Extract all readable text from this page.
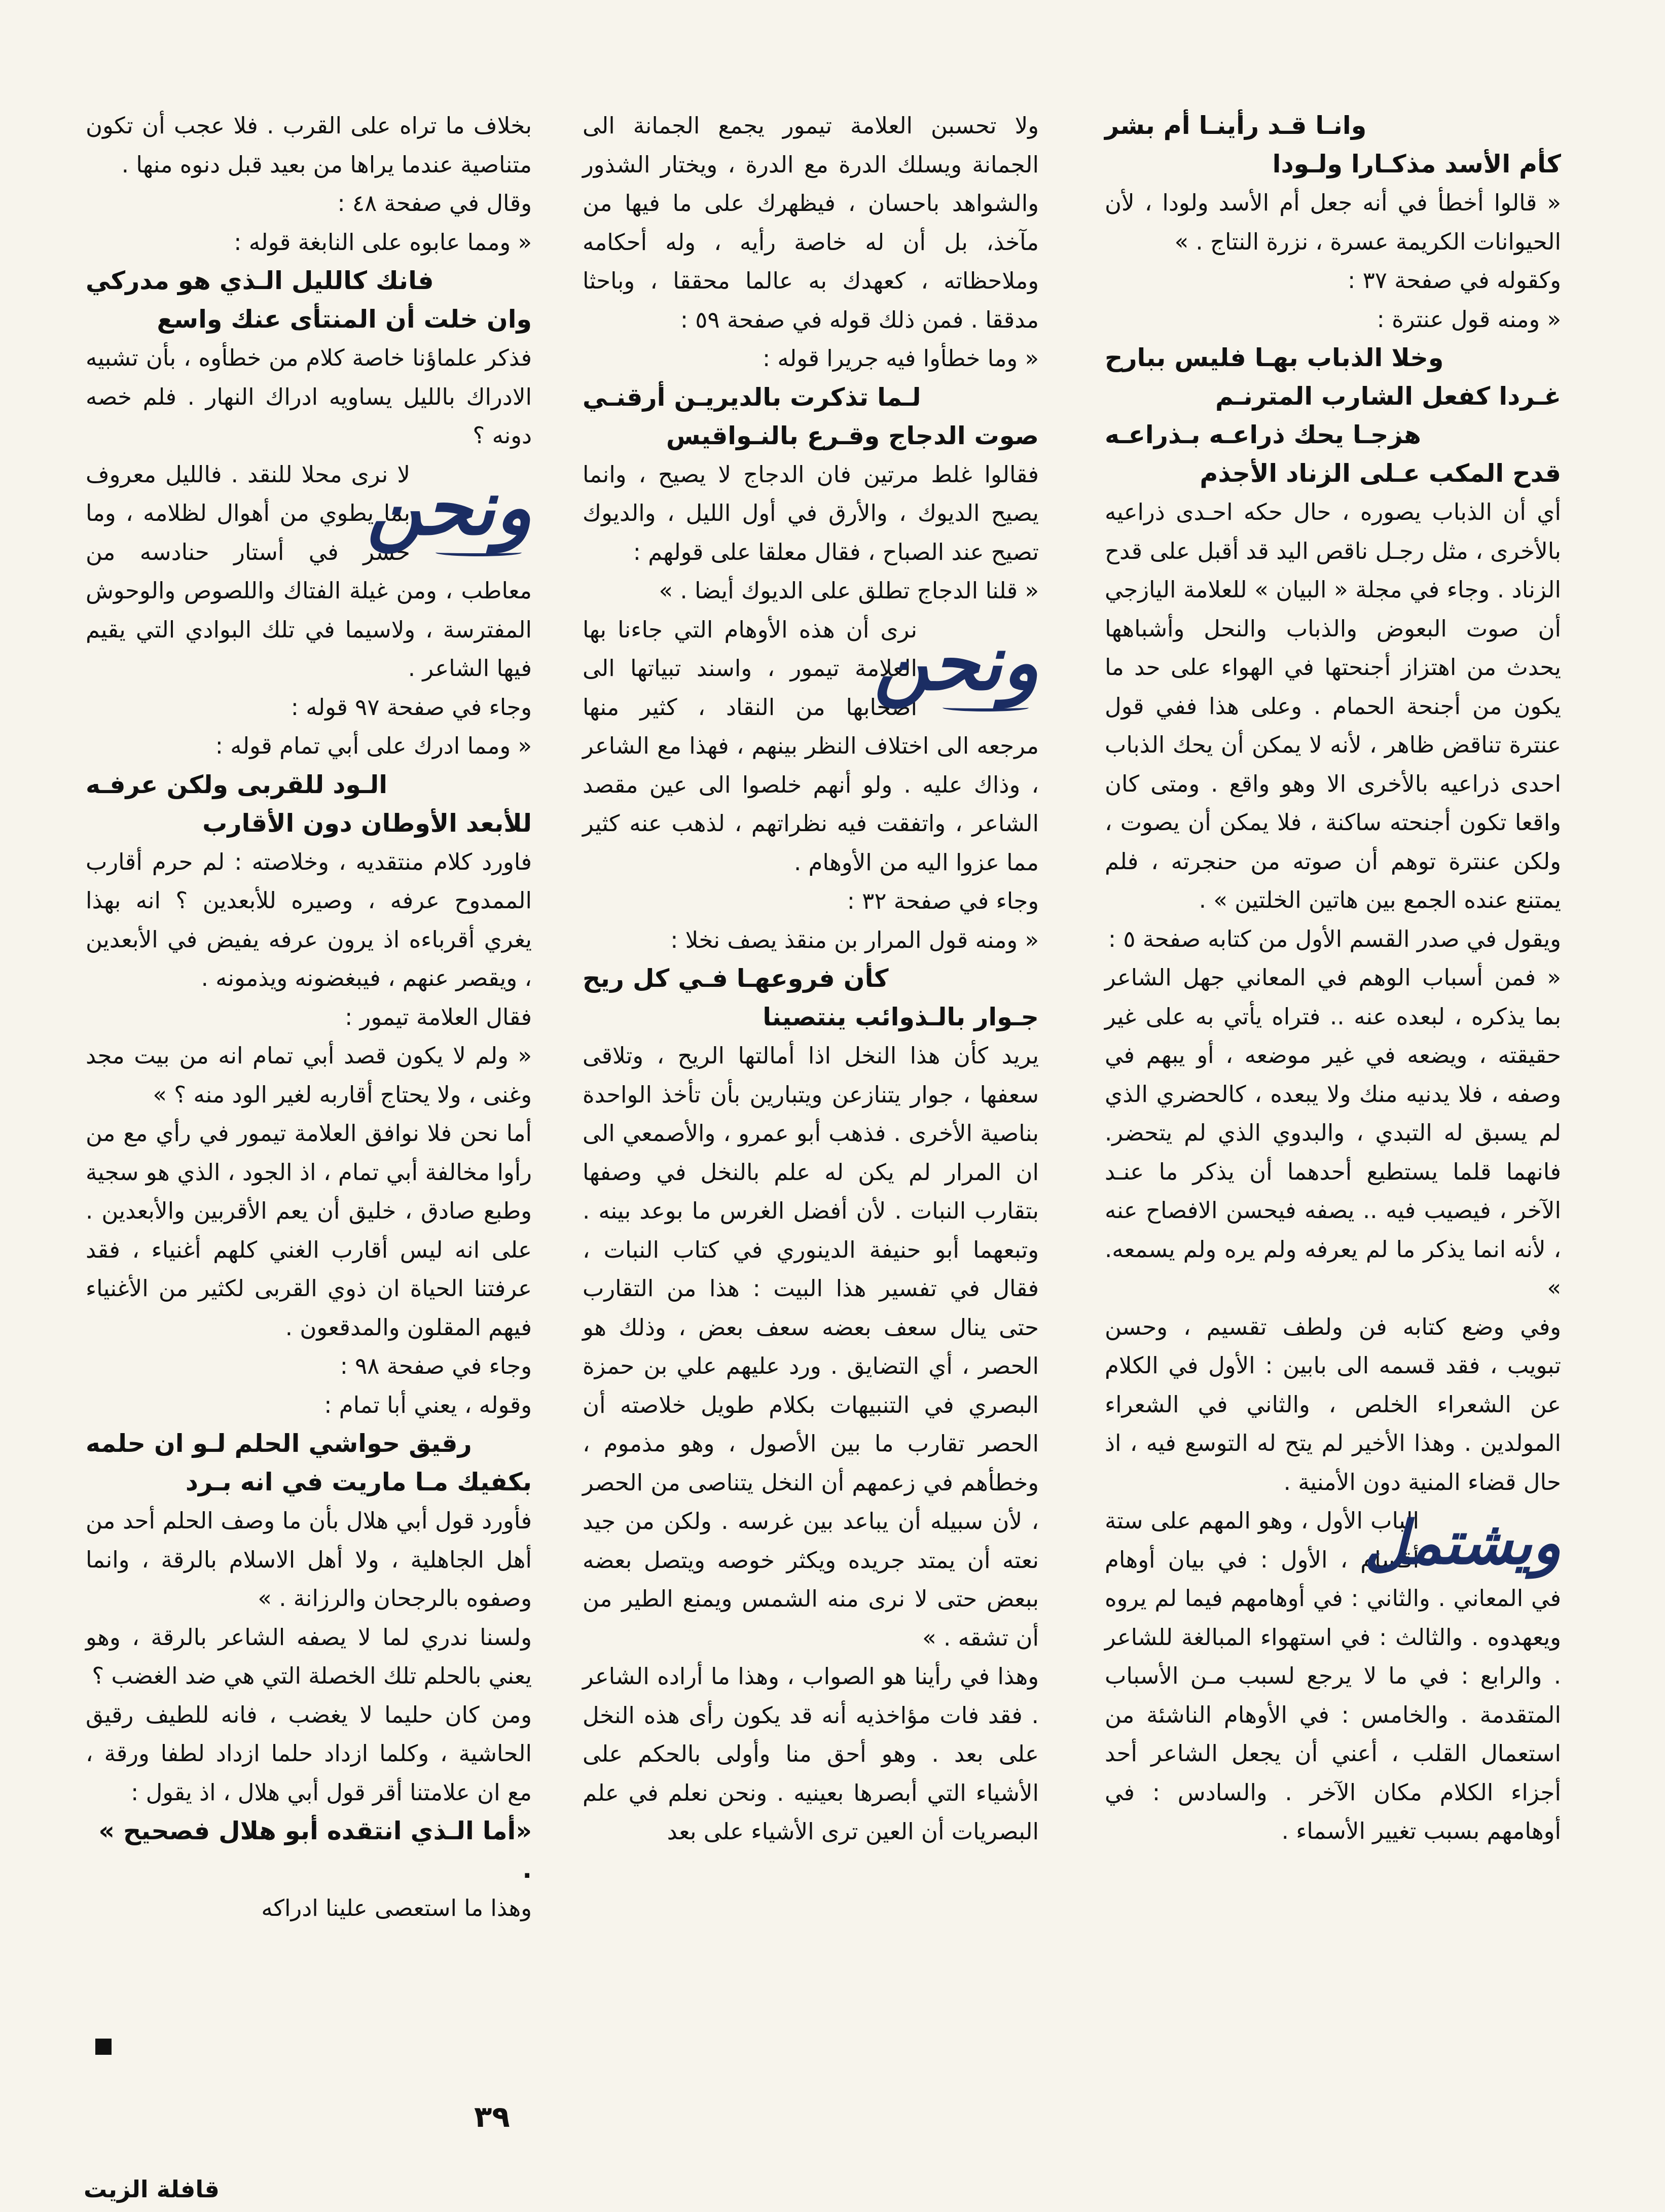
وانـا قـد رأينـا أم بشر

كأم الأسد مذكـارا ولـودا

« قالوا أخطأ في أنه جعل أم الأسد ولودا ، لأن الحيوانات الكريمة عسرة ، نزرة النتاج . »

وكقوله في صفحة ٣٧ :

« ومنه قول عنترة :

وخلا الذباب بهـا فليس ببارح

غـردا كفعل الشارب المترنـم

هزجـا يحك ذراعـه بـذراعـه

قدح المكب عـلى الزناد الأجذم

أي أن الذباب يصوره ، حال حكه احـدى ذراعيه بالأخرى ، مثل رجـل ناقص اليد قد أقبل على قدح الزناد . وجاء في مجلة « البيان » للعلامة اليازجي أن صوت البعوض والذباب والنحل وأشباهها يحدث من اهتزاز أجنحتها في الهواء على حد ما يكون من أجنحة الحمام . وعلى هذا ففي قول عنترة تناقض ظاهر ، لأنه لا يمكن أن يحك الذباب احدى ذراعيه بالأخرى الا وهو واقع . ومتى كان واقعا تكون أجنحته ساكنة ، فلا يمكن أن يصوت ، ولكن عنترة توهم أن صوته من حنجرته ، فلم يمتنع عنده الجمع بين هاتين الخلتين » .

ويقول في صدر القسم الأول من كتابه صفحة ٥ :

« فمن أسباب الوهم في المعاني جهل الشاعر بما يذكره ، لبعده عنه .. فتراه يأتي به على غير حقيقته ، ويضعه في غير موضعه ، أو يبهم في وصفه ، فلا يدنيه منك ولا يبعده ، كالحضري الذي لم يسبق له التبدي ، والبدوي الذي لم يتحضر. فانهما قلما يستطيع أحدهما أن يذكر ما عنـد الآخر ، فيصيب فيه .. يصفه فيحسن الافصاح عنه ، لأنه انما يذكر ما لم يعرفه ولم يره ولم يسمعه. »

وفي وضع كتابه فن ولطف تقسيم ، وحسن تبويب ، فقد قسمه الى بابين : الأول في الكلام عن الشعراء الخلص ، والثاني في الشعراء المولدين . وهذا الأخير لم يتح له التوسع فيه ، اذ حال قضاء المنية دون الأمنية .

ويشتمل
الباب الأول ، وهو المهم على ستة أقسام ، الأول : في بيان أوهام في المعاني . والثاني : في أوهامهم فيما لم يروه ويعهدوه . والثالث : في استهواء المبالغة للشاعر . والرابع : في ما لا يرجع لسبب مـن الأسباب المتقدمة . والخامس : في الأوهام الناشئة من استعمال القلب ، أعني أن يجعل الشاعر أحد أجزاء الكلام مكان الآخر . والسادس : في أوهامهم بسبب تغيير الأسماء .

ولا تحسبن العلامة تيمور يجمع الجمانة الى الجمانة ويسلك الدرة مع الدرة ، ويختار الشذور والشواهد باحسان ، فيظهرك على ما فيها من مآخذ، بل أن له خاصة رأيه ، وله أحكامه وملاحظاته ، كعهدك به عالما محققا ، وباحثا مدققا . فمن ذلك قوله في صفحة ٥٩ :

« وما خطأوا فيه جريرا قوله :

لـما تذكرت بالديريـن أرقنـي

صوت الدجاج وقـرع بالنـواقيس

فقالوا غلط مرتين فان الدجاج لا يصيح ، وانما يصيح الديوك ، والأرق في أول الليل ، والديوك تصيح عند الصباح ، فقال معلقا على قولهم :

« قلنا الدجاج تطلق على الديوك أيضا . »

ونحن
نرى أن هذه الأوهام التي جاءنا بها العلامة تيمور ، واسند تبياتها الى أصحابها من النقاد ، كثير منها مرجعه الى اختلاف النظر بينهم ، فهذا مع الشاعر ، وذاك عليه . ولو أنهم خلصوا الى عين مقصد الشاعر ، واتفقت فيه نظراتهم ، لذهب عنه كثير مما عزوا اليه من الأوهام .

وجاء في صفحة ٣٢ :

« ومنه قول المرار بن منقذ يصف نخلا :

كأن فروعهـا فـي كل ريح

جـوار بالـذوائب ينتصينا

يريد كأن هذا النخل اذا أمالتها الريح ، وتلاقى سعفها ، جوار يتنازعن ويتبارين بأن تأخذ الواحدة بناصية الأخرى . فذهب أبو عمرو ، والأصمعي الى ان المرار لم يكن له علم بالنخل في وصفها بتقارب النبات . لأن أفضل الغرس ما بوعد بينه . وتبعهما أبو حنيفة الدينوري في كتاب النبات ، فقال في تفسير هذا البيت : هذا من التقارب حتى ينال سعف بعضه سعف بعض ، وذلك هو الحصر ، أي التضايق . ورد عليهم علي بن حمزة البصري في التنبيهات بكلام طويل خلاصته أن الحصر تقارب ما بين الأصول ، وهو مذموم ، وخطأهم في زعمهم أن النخل يتناصى من الحصر ، لأن سبيله أن يباعد بين غرسه . ولكن من جيد نعته أن يمتد جريده ويكثر خوصه ويتصل بعضه ببعض حتى لا نرى منه الشمس ويمنع الطير من أن تشقه . »

وهذا في رأينا هو الصواب ، وهذا ما أراده الشاعر . فقد فات مؤاخذيه أنه قد يكون رأى هذه النخل على بعد . وهو أحق منا وأولى بالحكم على الأشياء التي أبصرها بعينيه . ونحن نعلم في علم البصريات أن العين ترى الأشياء على بعد

بخلاف ما تراه على القرب . فلا عجب أن تكون متناصية عندما يراها من بعيد قبل دنوه منها .

وقال في صفحة ٤٨ :

« ومما عابوه على النابغة قوله :

فانك كالليل الـذي هو مدركي

وان خلت أن المنتأى عنك واسع

فذكر علماؤنا خاصة كلام من خطأوه ، بأن تشبيه الادراك بالليل يساويه ادراك النهار . فلم خصه دونه ؟

ونحن
لا نرى محلا للنقد . فالليل معروف بما يطوي من أهوال لظلامه ، وما حشر في أستار حنادسه من معاطب ، ومن غيلة الفتاك واللصوص والوحوش المفترسة ، ولاسيما في تلك البوادي التي يقيم فيها الشاعر .

وجاء في صفحة ٩٧ قوله :

« ومما ادرك على أبي تمام قوله :

الـود للقربى ولكن عرفـه

للأبعد الأوطان دون الأقارب

فاورد كلام منتقديه ، وخلاصته : لم حرم أقارب الممدوح عرفه ، وصيره للأبعدين ؟ انه بهذا يغري أقرباءه اذ يرون عرفه يفيض في الأبعدين ، ويقصر عنهم ، فيبغضونه ويذمونه .

فقال العلامة تيمور :

« ولم لا يكون قصد أبي تمام انه من بيت مجد وغنى ، ولا يحتاج أقاربه لغير الود منه ؟ »

أما نحن فلا نوافق العلامة تيمور في رأي مع من رأوا مخالفة أبي تمام ، اذ الجود ، الذي هو سجية وطبع صادق ، خليق أن يعم الأقربين والأبعدين . على انه ليس أقارب الغني كلهم أغنياء ، فقد عرفتنا الحياة ان ذوي القربى لكثير من الأغنياء فيهم المقلون والمدقعون .

وجاء في صفحة ٩٨ :

وقوله ، يعني أبا تمام :

رقيق حواشي الحلم لـو ان حلمه

بكفيك مـا ماريت في انه بـرد

فأورد قول أبي هلال بأن ما وصف الحلم أحد من أهل الجاهلية ، ولا أهل الاسلام بالرقة ، وانما وصفوه بالرجحان والرزانة . »

ولسنا ندري لما لا يصفه الشاعر بالرقة ، وهو يعني بالحلم تلك الخصلة التي هي ضد الغضب ؟

ومن كان حليما لا يغضب ، فانه للطيف رقيق الحاشية ، وكلما ازداد حلما ازداد لطفا ورقة ، مع ان علامتنا أقر قول أبي هلال ، اذ يقول :

«أما الـذي انتقده أبو هلال فصحيح » .

وهذا ما استعصى علينا ادراكه

٣٩
قافلة الزيت
